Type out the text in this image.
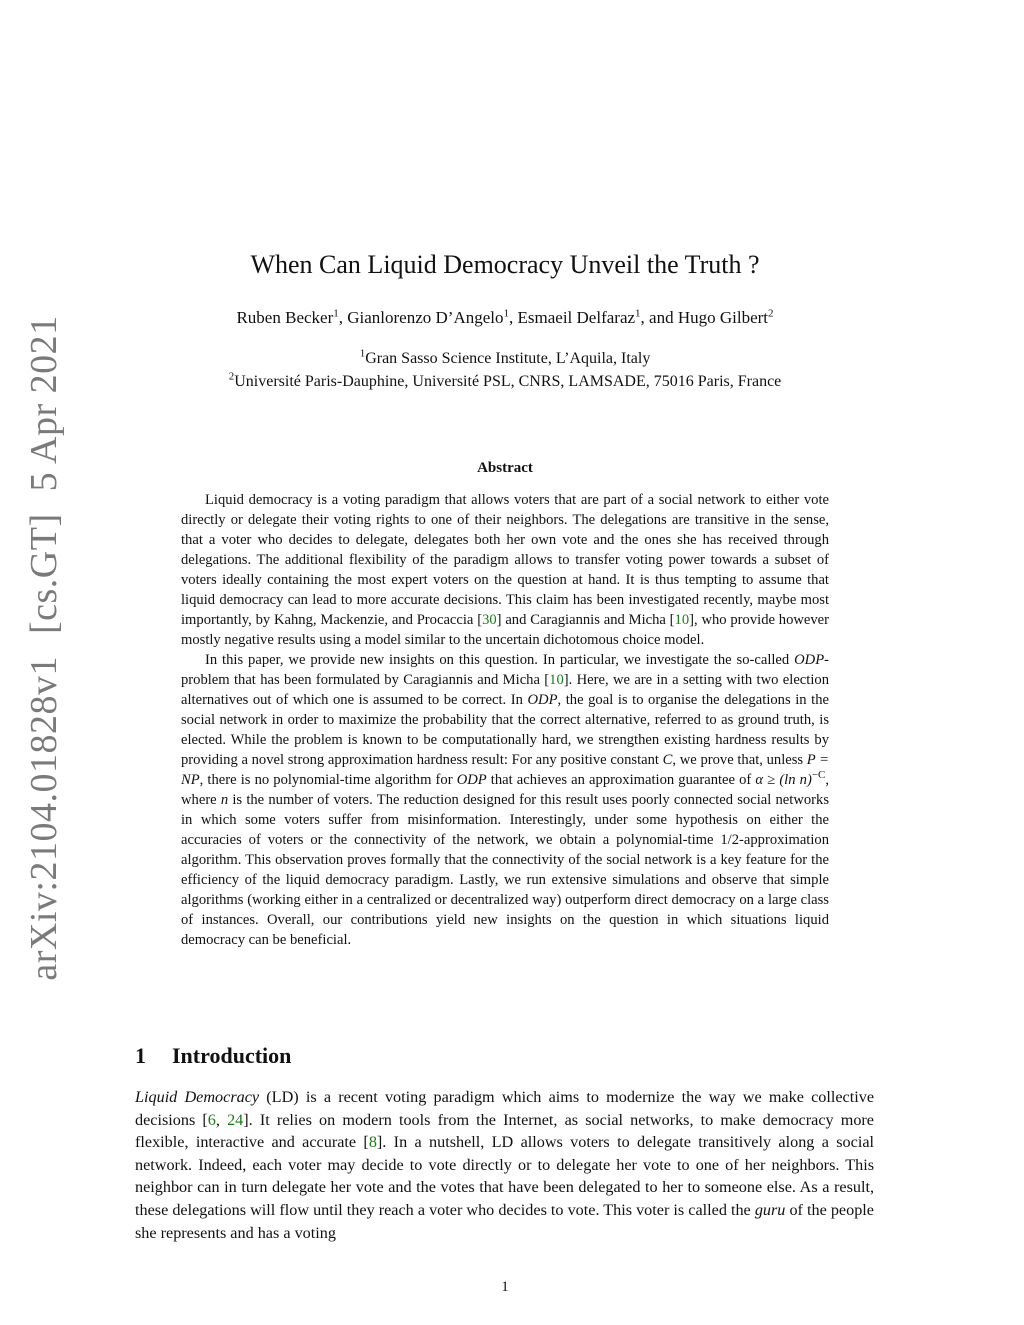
arXiv:2104.01828v1[cs.GT]5 Apr 2021
When Can Liquid Democracy Unveil the Truth ?
Ruben Becker$^1$, Gianlorenzo D’Angelo$^1$, Esmaeil Delfaraz$^1$, and Hugo Gilbert$^2$
$^1$Gran Sasso Science Institute, L’Aquila, Italy
$^2$Université Paris-Dauphine, Université PSL, CNRS, LAMSADE, 75016 Paris, France
Abstract

Liquid democracy is a voting paradigm that allows voters that are part of a social network to either vote directly or delegate their voting rights to one of their neighbors. The delegations are transitive in the sense, that a voter who decides to delegate, delegates both her own vote and the ones she has received through delegations. The additional flexibility of the paradigm allows to transfer voting power towards a subset of voters ideally containing the most expert voters on the question at hand. It is thus tempting to assume that liquid democracy can lead to more accurate decisions. This claim has been investigated recently, maybe most importantly, by Kahng, Mackenzie, and Procaccia [30] and Caragiannis and Micha [10], who provide however mostly negative results using a model similar to the uncertain dichotomous choice model.

In this paper, we provide new insights on this question. In particular, we investigate the so-called ODP-problem that has been formulated by Caragiannis and Micha [10]. Here, we are in a setting with two election alternatives out of which one is assumed to be correct. In ODP, the goal is to organise the delegations in the social network in order to maximize the probability that the correct alternative, referred to as ground truth, is elected. While the problem is known to be computationally hard, we strengthen existing hardness results by providing a novel strong approximation hardness result: For any positive constant C, we prove that, unless P = NP, there is no polynomial-time algorithm for ODP that achieves an approximation guarantee of α ≥ (ln n)$^{-C}$, where n is the number of voters. The reduction designed for this result uses poorly connected social networks in which some voters suffer from misinformation. Interestingly, under some hypothesis on either the accuracies of voters or the connectivity of the network, we obtain a polynomial-time 1/2-approximation algorithm. This observation proves formally that the connectivity of the social network is a key feature for the efficiency of the liquid democracy paradigm. Lastly, we run extensive simulations and observe that simple algorithms (working either in a centralized or decentralized way) outperform direct democracy on a large class of instances. Overall, our contributions yield new insights on the question in which situations liquid democracy can be beneficial.

1 Introduction

Liquid Democracy (LD) is a recent voting paradigm which aims to modernize the way we make collective decisions [6, 24]. It relies on modern tools from the Internet, as social networks, to make democracy more flexible, interactive and accurate [8]. In a nutshell, LD allows voters to delegate transitively along a social network. Indeed, each voter may decide to vote directly or to delegate her vote to one of her neighbors. This neighbor can in turn delegate her vote and the votes that have been delegated to her to someone else. As a result, these delegations will flow until they reach a voter who decides to vote. This voter is called the guru of the people she represents and has a voting

1
